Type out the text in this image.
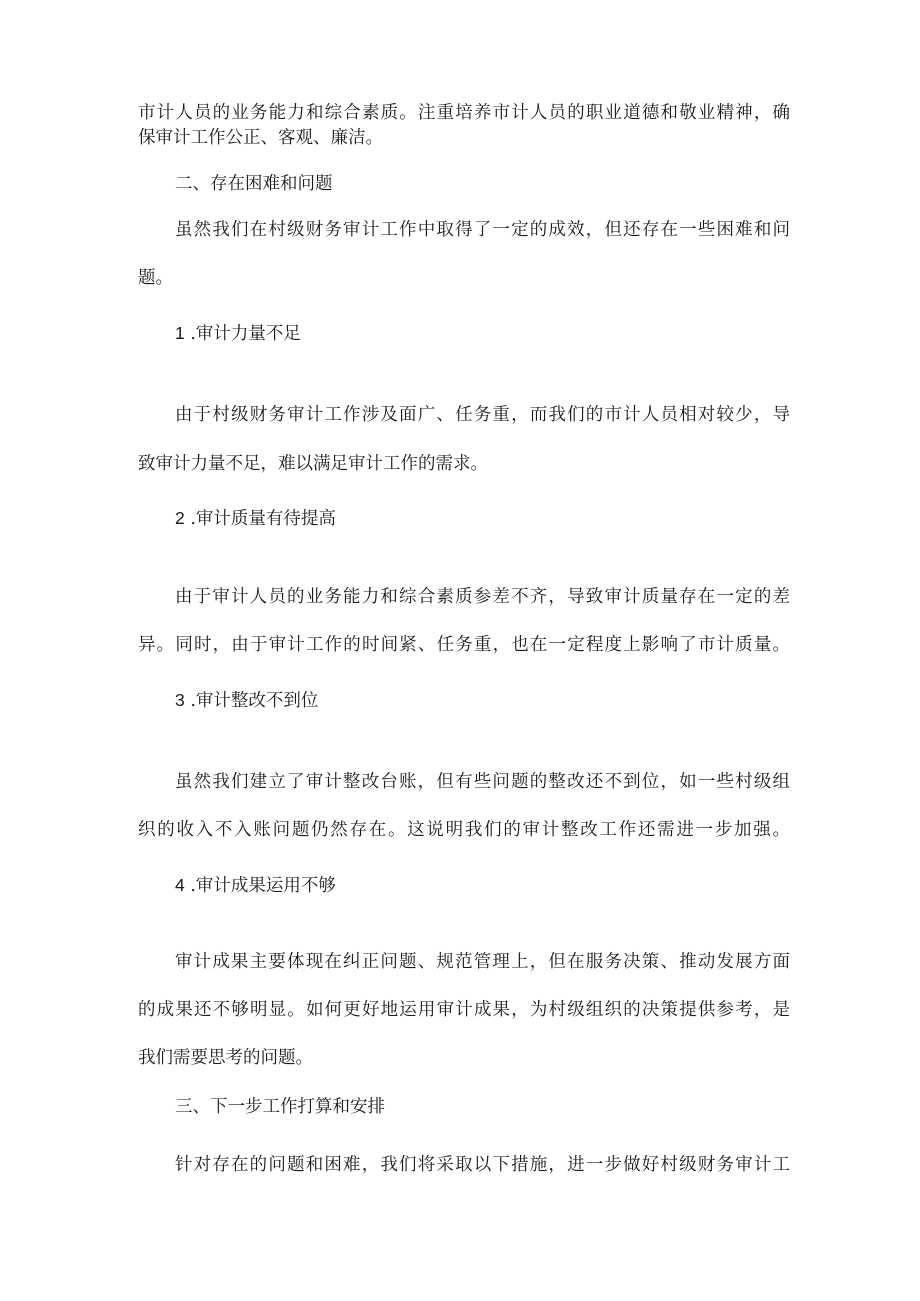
市计人员的业务能力和综合素质。注重培养市计人员的职业道德和敬业精神，确
保审计工作公正、客观、廉洁。
二、存在困难和问题
虽然我们在村级财务审计工作中取得了一定的成效，但还存在一些困难和问
题。
1 .审计力量不足
由于村级财务审计工作涉及面广、任务重，而我们的市计人员相对较少，导
致审计力量不足，难以满足审计工作的需求。
2 .审计质量有待提高
由于审计人员的业务能力和综合素质参差不齐，导致审计质量存在一定的差
异。同时，由于审计工作的时间紧、任务重，也在一定程度上影响了市计质量。
3 .审计整改不到位
虽然我们建立了审计整改台账，但有些问题的整改还不到位，如一些村级组
织的收入不入账问题仍然存在。这说明我们的审计整改工作还需进一步加强。
4 .审计成果运用不够
审计成果主要体现在纠正问题、规范管理上，但在服务决策、推动发展方面
的成果还不够明显。如何更好地运用审计成果，为村级组织的决策提供参考，是
我们需要思考的问题。
三、下一步工作打算和安排
针对存在的问题和困难，我们将采取以下措施，进一步做好村级财务审计工
